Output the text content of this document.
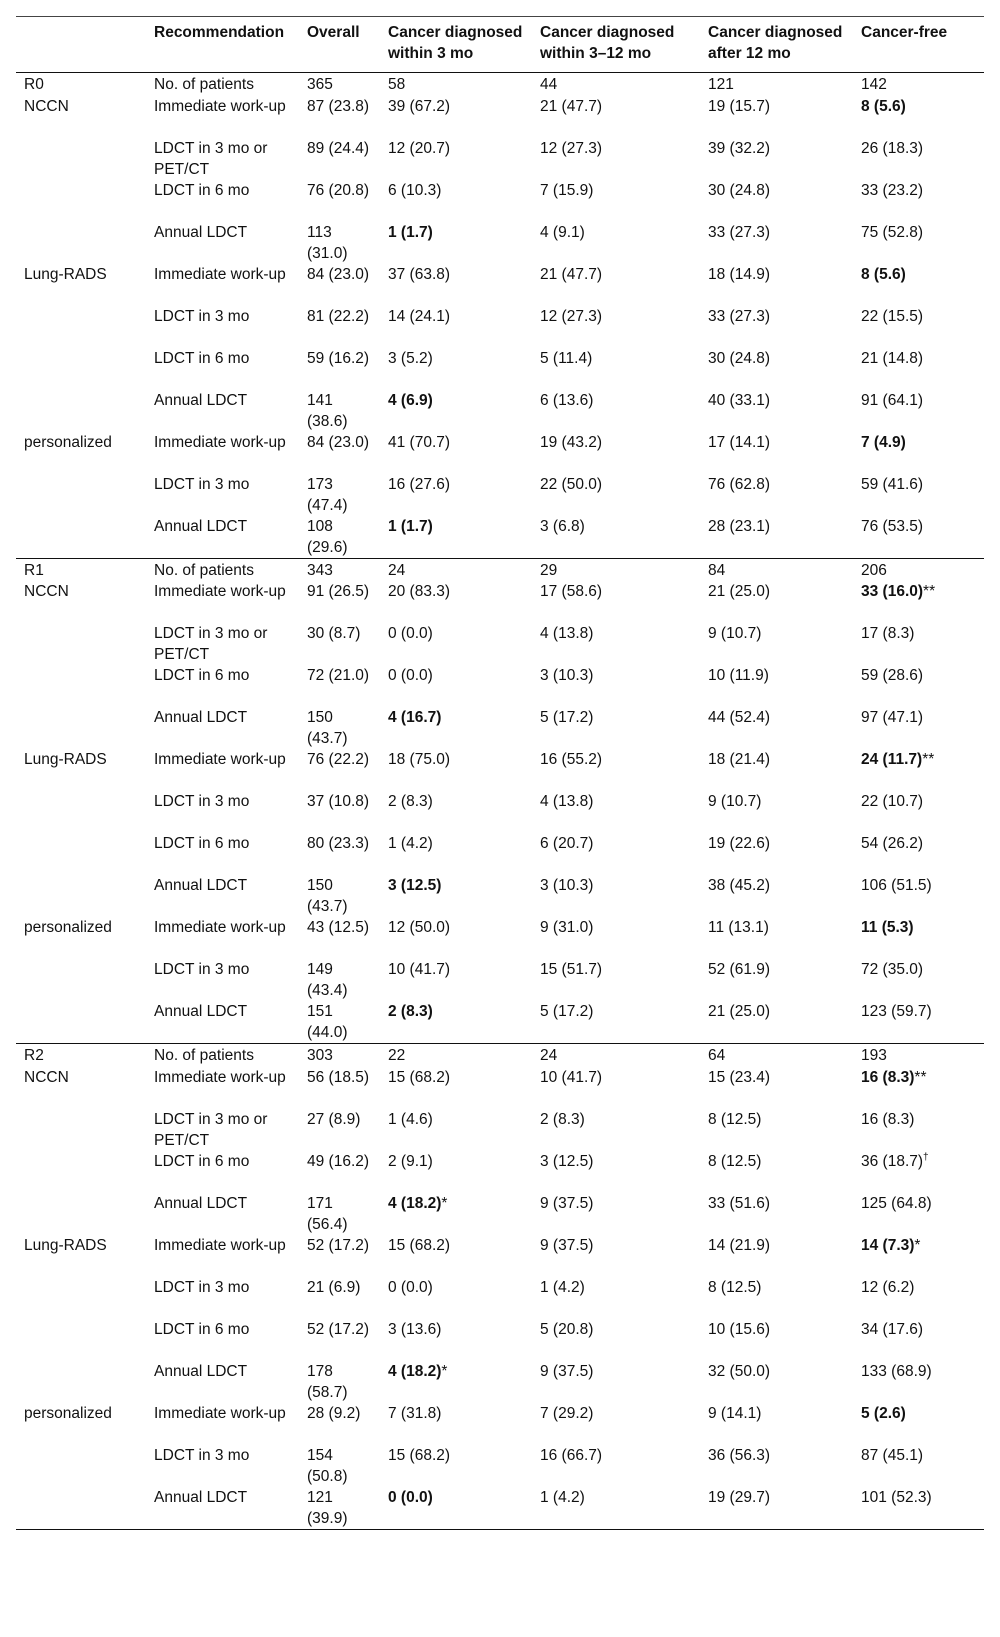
	Recommendation	Overall	Cancer diagnosed within 3 mo	Cancer diagnosed within 3–12 mo	Cancer diagnosed after 12 mo	Cancer-free
R0	No. of patients	365	58	44	121	142
NCCN	Immediate work-up	87 (23.8)	39 (67.2)	21 (47.7)	19 (15.7)	8 (5.6)
	LDCT in 3 mo or PET/CT	89 (24.4)	12 (20.7)	12 (27.3)	39 (32.2)	26 (18.3)
	LDCT in 6 mo	76 (20.8)	6 (10.3)	7 (15.9)	30 (24.8)	33 (23.2)
	Annual LDCT	113 (31.0)	1 (1.7)	4 (9.1)	33 (27.3)	75 (52.8)
Lung-RADS	Immediate work-up	84 (23.0)	37 (63.8)	21 (47.7)	18 (14.9)	8 (5.6)
	LDCT in 3 mo	81 (22.2)	14 (24.1)	12 (27.3)	33 (27.3)	22 (15.5)
	LDCT in 6 mo	59 (16.2)	3 (5.2)	5 (11.4)	30 (24.8)	21 (14.8)
	Annual LDCT	141 (38.6)	4 (6.9)	6 (13.6)	40 (33.1)	91 (64.1)
personalized	Immediate work-up	84 (23.0)	41 (70.7)	19 (43.2)	17 (14.1)	7 (4.9)
	LDCT in 3 mo	173 (47.4)	16 (27.6)	22 (50.0)	76 (62.8)	59 (41.6)
	Annual LDCT	108 (29.6)	1 (1.7)	3 (6.8)	28 (23.1)	76 (53.5)
R1	No. of patients	343	24	29	84	206
NCCN	Immediate work-up	91 (26.5)	20 (83.3)	17 (58.6)	21 (25.0)	33 (16.0)**
	LDCT in 3 mo or PET/CT	30 (8.7)	0 (0.0)	4 (13.8)	9 (10.7)	17 (8.3)
	LDCT in 6 mo	72 (21.0)	0 (0.0)	3 (10.3)	10 (11.9)	59 (28.6)
	Annual LDCT	150 (43.7)	4 (16.7)	5 (17.2)	44 (52.4)	97 (47.1)
Lung-RADS	Immediate work-up	76 (22.2)	18 (75.0)	16 (55.2)	18 (21.4)	24 (11.7)**
	LDCT in 3 mo	37 (10.8)	2 (8.3)	4 (13.8)	9 (10.7)	22 (10.7)
	LDCT in 6 mo	80 (23.3)	1 (4.2)	6 (20.7)	19 (22.6)	54 (26.2)
	Annual LDCT	150 (43.7)	3 (12.5)	3 (10.3)	38 (45.2)	106 (51.5)
personalized	Immediate work-up	43 (12.5)	12 (50.0)	9 (31.0)	11 (13.1)	11 (5.3)
	LDCT in 3 mo	149 (43.4)	10 (41.7)	15 (51.7)	52 (61.9)	72 (35.0)
	Annual LDCT	151 (44.0)	2 (8.3)	5 (17.2)	21 (25.0)	123 (59.7)
R2	No. of patients	303	22	24	64	193
NCCN	Immediate work-up	56 (18.5)	15 (68.2)	10 (41.7)	15 (23.4)	16 (8.3)**
	LDCT in 3 mo or PET/CT	27 (8.9)	1 (4.6)	2 (8.3)	8 (12.5)	16 (8.3)
	LDCT in 6 mo	49 (16.2)	2 (9.1)	3 (12.5)	8 (12.5)	36 (18.7)†
	Annual LDCT	171 (56.4)	4 (18.2)*	9 (37.5)	33 (51.6)	125 (64.8)
Lung-RADS	Immediate work-up	52 (17.2)	15 (68.2)	9 (37.5)	14 (21.9)	14 (7.3)*
	LDCT in 3 mo	21 (6.9)	0 (0.0)	1 (4.2)	8 (12.5)	12 (6.2)
	LDCT in 6 mo	52 (17.2)	3 (13.6)	5 (20.8)	10 (15.6)	34 (17.6)
	Annual LDCT	178 (58.7)	4 (18.2)*	9 (37.5)	32 (50.0)	133 (68.9)
personalized	Immediate work-up	28 (9.2)	7 (31.8)	7 (29.2)	9 (14.1)	5 (2.6)
	LDCT in 3 mo	154 (50.8)	15 (68.2)	16 (66.7)	36 (56.3)	87 (45.1)
	Annual LDCT	121 (39.9)	0 (0.0)	1 (4.2)	19 (29.7)	101 (52.3)
